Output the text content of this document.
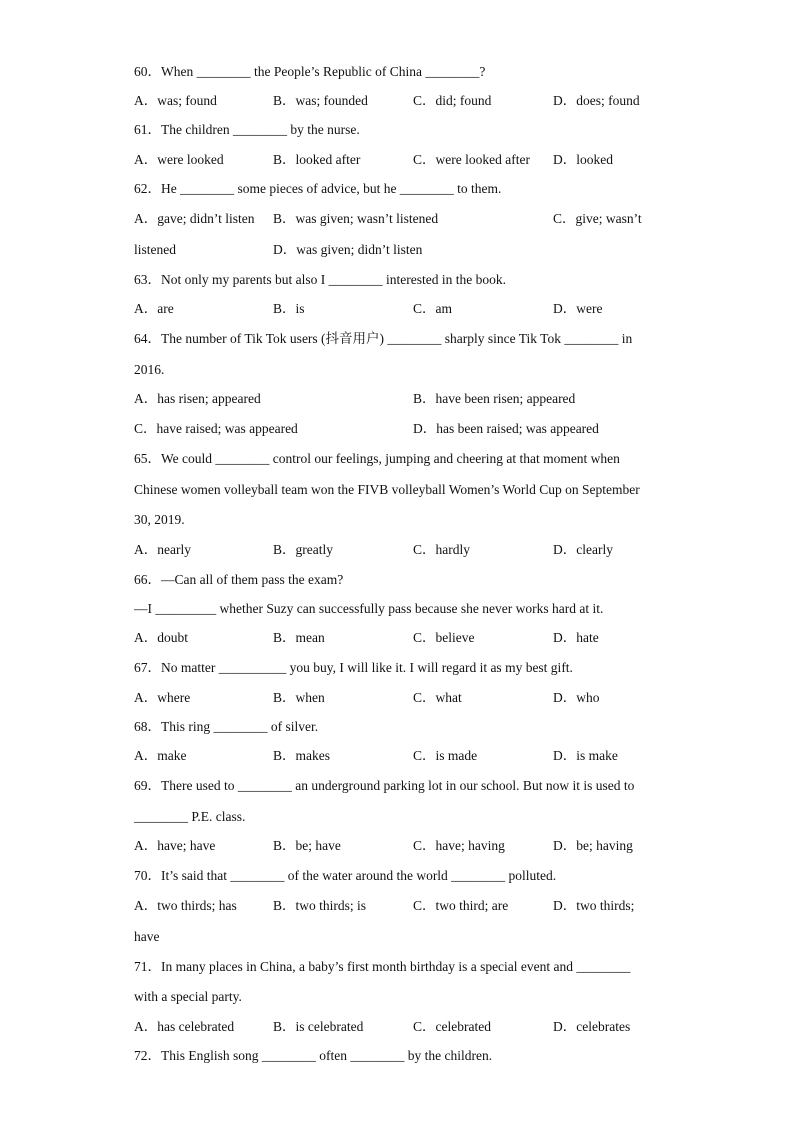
60．When ________ the People’s Republic of China ________?
A．was; found	B．was; founded	C．did; found	D．does; found
61．The children ________ by the nurse.
A．were looked	B．looked after	C．were looked after D．looked
62．He ________ some pieces of advice, but he ________ to them.
A．gave; didn’t listen B．was given; wasn’t listened	C．give; wasn’t
listened	D．was given; didn’t listen
63．Not only my parents but also I ________ interested in the book.
A．are	B．is	C．am	D．were
64．The number of Tik Tok users (抖音用户) ________ sharply since Tik Tok ________ in
2016.
A．has risen; appeared	B．have been risen; appeared
C．have raised; was appeared	D．has been raised; was appeared
65．We could ________ control our feelings, jumping and cheering at that moment when
Chinese women volleyball team won the FIVB volleyball Women’s World Cup on September
30, 2019.
A．nearly	B．greatly	C．hardly	D．clearly
66．—Can all of them pass the exam?
—I _________ whether Suzy can successfully pass because she never works hard at it.
A．doubt	B．mean	C．believe	D．hate
67．No matter __________ you buy, I will like it. I will regard it as my best gift.
A．where	B．when	C．what	D．who
68．This ring ________ of silver.
A．make	B．makes	C．is made	D．is make
69．There used to ________ an underground parking lot in our school. But now it is used to
________ P.E. class.
A．have; have	B．be; have	C．have; having	D．be; having
70．It’s said that ________ of the water around the world ________ polluted.
A．two thirds; has	B．two thirds; is	C．two third; are	D．two thirds;
have
71．In many places in China, a baby’s first month birthday is a special event and ________
with a special party.
A．has celebrated	B．is celebrated	C．celebrated	D．celebrates
72．This English song ________ often ________ by the children.
